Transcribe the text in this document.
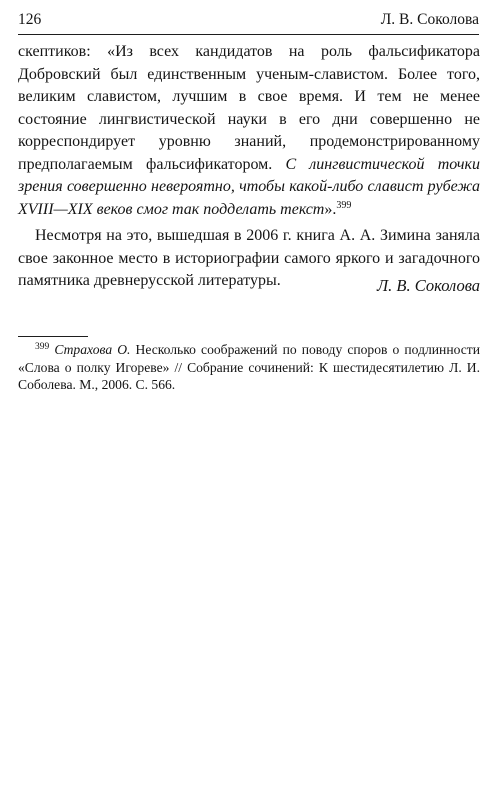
126	Л. В. Соколова

скептиков: «Из всех кандидатов на роль фальсификатора Добровский был единственным ученым-славистом. Более того, великим славистом, лучшим в свое время. И тем не менее состояние лингвистической науки в его дни совершенно не корреспондирует уровню знаний, продемонстрированному предполагаемым фальсификатором. С лингвистической точки зрения совершенно невероятно, чтобы какой-либо славист рубежа XVIII—XIX веков смог так подделать текст».$^{399}$

Несмотря на это, вышедшая в 2006 г. книга А. А. Зимина заняла свое законное место в историографии самого яркого и загадочного памятника древнерусской литературы.	Л. В. Соколова

$^{399}$ Страхова О. Несколько соображений по поводу споров о подлинности «Слова о полку Игореве» // Собрание сочинений: К шестидесятилетию Л. И. Соболева. М., 2006. С. 566.
